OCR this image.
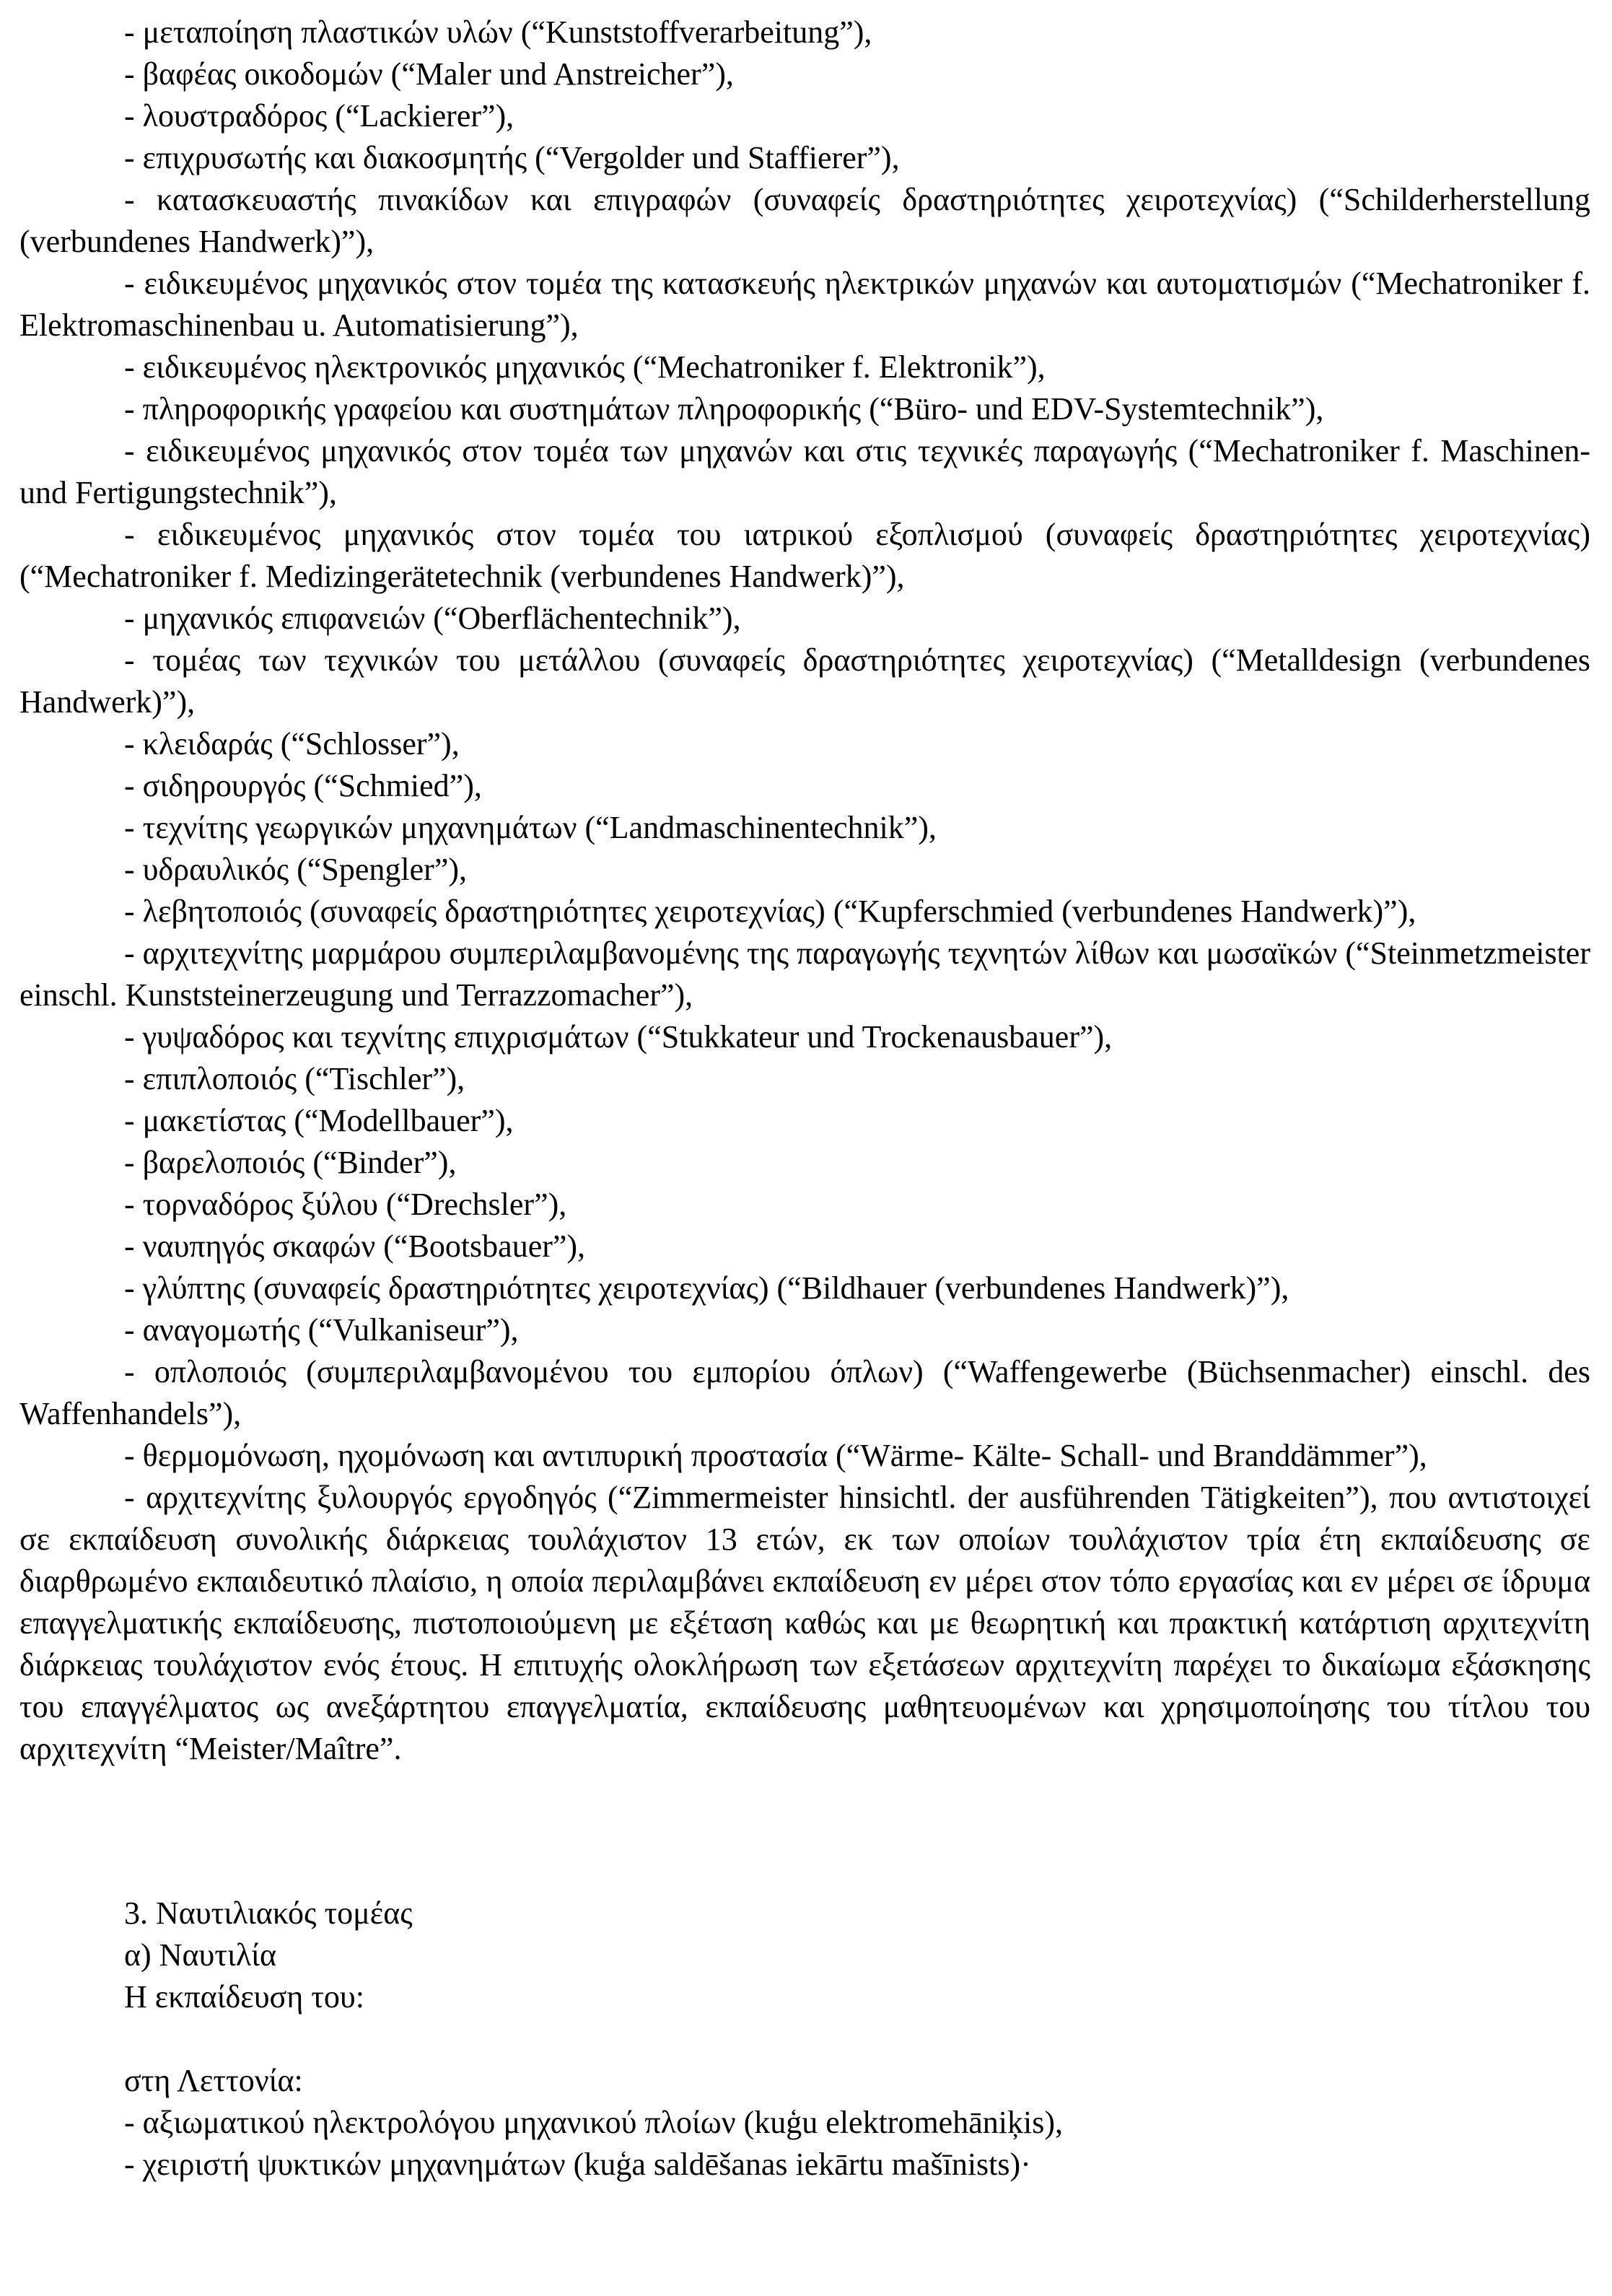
- μεταποίηση πλαστικών υλών (“Kunststoffverarbeitung”),

- βαφέας οικοδομών (“Maler und Anstreicher”),

- λουστραδόρος (“Lackierer”),

- επιχρυσωτής και διακοσμητής (“Vergolder und Staffierer”),

- κατασκευαστής πινακίδων και επιγραφών (συναφείς δραστηριότητες χειροτεχνίας) (“Schilderherstellung (verbundenes Handwerk)”),

- ειδικευμένος μηχανικός στον τομέα της κατασκευής ηλεκτρικών μηχανών και αυτοματισμών (“Mechatroniker f. Elektromaschinenbau u. Automatisierung”),

- ειδικευμένος ηλεκτρονικός μηχανικός (“Mechatroniker f. Elektronik”),

- πληροφορικής γραφείου και συστημάτων πληροφορικής (“Büro- und EDV-Systemtechnik”),

- ειδικευμένος μηχανικός στον τομέα των μηχανών και στις τεχνικές παραγωγής (“Mechatroniker f. Maschinen- und Fertigungstechnik”),

- ειδικευμένος μηχανικός στον τομέα του ιατρικού εξοπλισμού (συναφείς δραστηριότητες χειροτεχνίας) (“Mechatroniker f. Medizingerätetechnik (verbundenes Handwerk)”),

- μηχανικός επιφανειών (“Oberflächentechnik”),

- τομέας των τεχνικών του μετάλλου (συναφείς δραστηριότητες χειροτεχνίας) (“Metalldesign (verbundenes Handwerk)”),

- κλειδαράς (“Schlosser”),

- σιδηρουργός (“Schmied”),

- τεχνίτης γεωργικών μηχανημάτων (“Landmaschinentechnik”),

- υδραυλικός (“Spengler”),

- λεβητοποιός (συναφείς δραστηριότητες χειροτεχνίας) (“Kupferschmied (verbundenes Handwerk)”),

- αρχιτεχνίτης μαρμάρου συμπεριλαμβανομένης της παραγωγής τεχνητών λίθων και μωσαϊκών (“Steinmetzmeister einschl. Kunststeinerzeugung und Terrazzomacher”),

- γυψαδόρος και τεχνίτης επιχρισμάτων (“Stukkateur und Trockenausbauer”),

- επιπλοποιός (“Tischler”),

- μακετίστας (“Modellbauer”),

- βαρελοποιός (“Binder”),

- τορναδόρος ξύλου (“Drechsler”),

- ναυπηγός σκαφών (“Bootsbauer”),

- γλύπτης (συναφείς δραστηριότητες χειροτεχνίας) (“Bildhauer (verbundenes Handwerk)”),

- αναγομωτής (“Vulkaniseur”),

- οπλοποιός (συμπεριλαμβανομένου του εμπορίου όπλων) (“Waffengewerbe (Büchsenmacher) einschl. des Waffenhandels”),

- θερμομόνωση, ηχομόνωση και αντιπυρική προστασία (“Wärme- Kälte- Schall- und Branddämmer”),

- αρχιτεχνίτης ξυλουργός εργοδηγός (“Zimmermeister hinsichtl. der ausführenden Tätigkeiten”), που αντιστοιχεί σε εκπαίδευση συνολικής διάρκειας τουλάχιστον 13 ετών, εκ των οποίων τουλάχιστον τρία έτη εκπαίδευσης σε διαρθρωμένο εκπαιδευτικό πλαίσιο, η οποία περιλαμβάνει εκπαίδευση εν μέρει στον τόπο εργασίας και εν μέρει σε ίδρυμα επαγγελματικής εκπαίδευσης, πιστοποιούμενη με εξέταση καθώς και με θεωρητική και πρακτική κατάρτιση αρχιτεχνίτη διάρκειας τουλάχιστον ενός έτους. Η επιτυχής ολοκλήρωση των εξετάσεων αρχιτεχνίτη παρέχει το δικαίωμα εξάσκησης του επαγγέλματος ως ανεξάρτητου επαγγελματία, εκπαίδευσης μαθητευομένων και χρησιμοποίησης του τίτλου του αρχιτεχνίτη “Meister/Maître”.

3. Ναυτιλιακός τομέας

α) Ναυτιλία

Η εκπαίδευση του:

στη Λεττονία:

- αξιωματικού ηλεκτρολόγου μηχανικού πλοίων (kuģu elektromehāniķis),

- χειριστή ψυκτικών μηχανημάτων (kuģa saldēšanas iekārtu mašīnists)·
